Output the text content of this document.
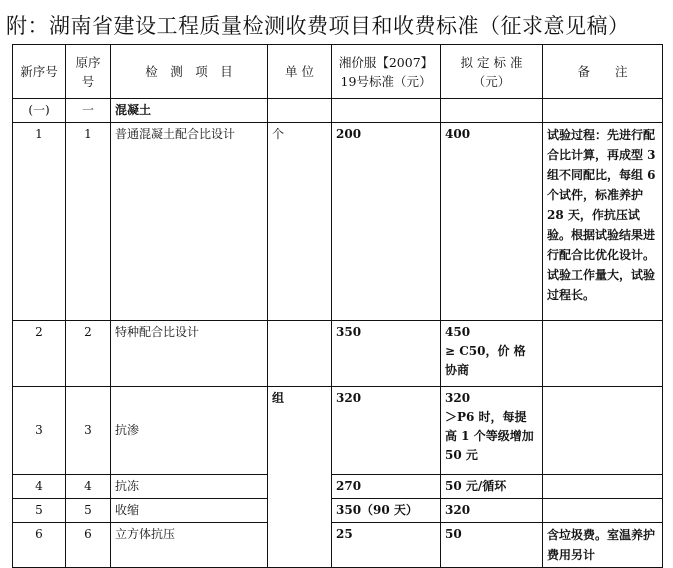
附：湖南省建设工程质量检测收费项目和收费标准（征求意见稿）
新序号	原序号	检　测　项　目	单 位	湘价服【2007】19号标准（元）	拟 定 标 准（元）	备　　注
(一)	一	混凝土				
1	1	普通混凝土配合比设计	个	200	400	试验过程：先进行配合比计算，再成型 3 组不同配比，每组 6 个试件，标准养护 28 天，作抗压试验。根据试验结果进行配合比优化设计。试验工作量大，试验过程长。
2	2	特种配合比设计		350	450
≥ C50，价 格 协商	
3	3	抗渗	组	320	320
＞P6 时，每提高 1 个等级增加 50 元	
4	4	抗冻		270	50 元/循环	
5	5	收缩		350（90 天）	320	
6	6	立方体抗压		25	50	含垃圾费。室温养护费用另计
